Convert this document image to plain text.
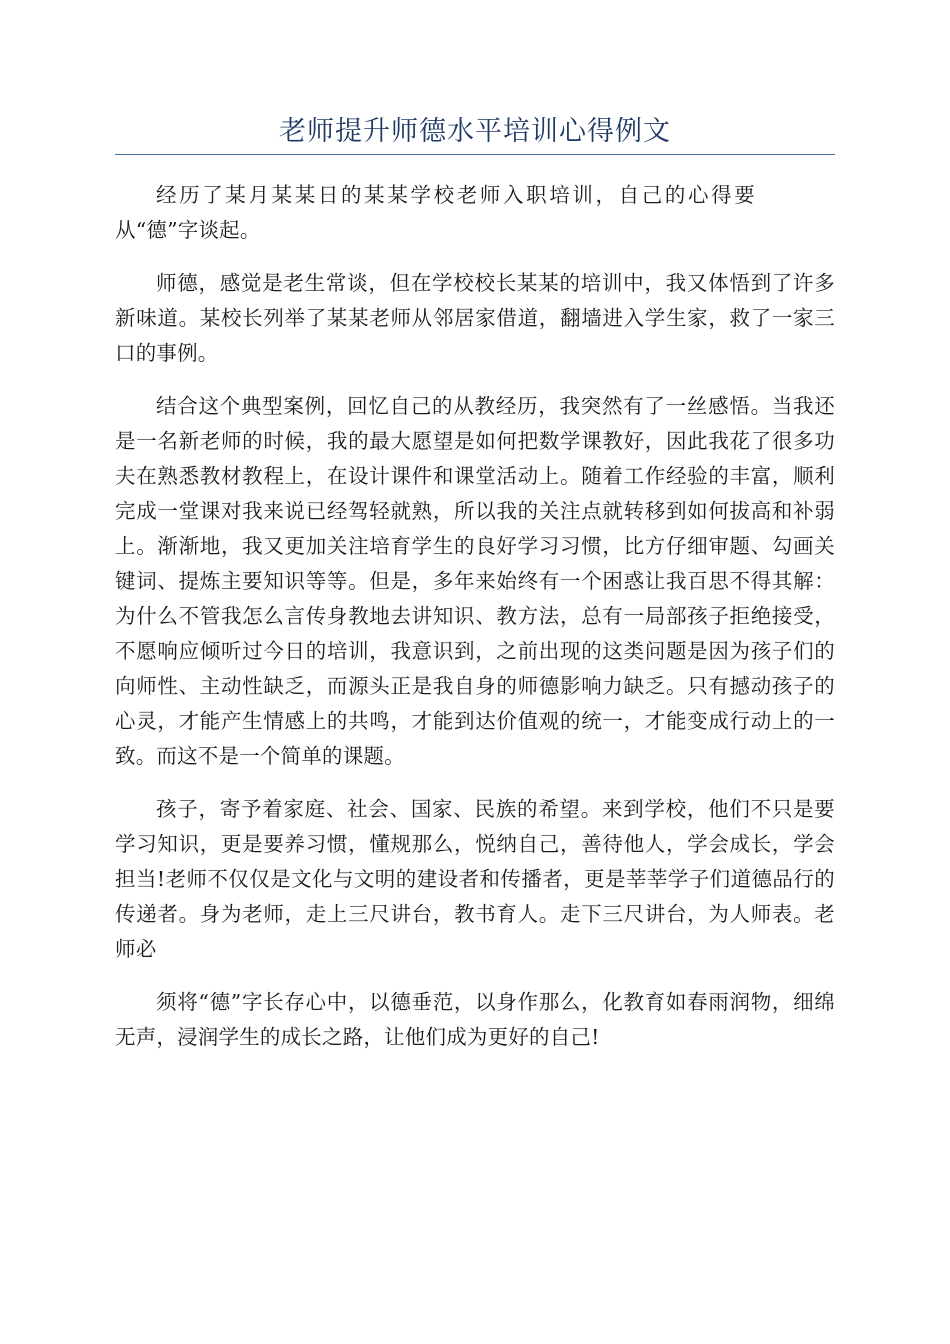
老师提升师德水平培训心得例文

经历了某月某某日的某某学校老师入职培训，自己的心得要从“德”字谈起。

师德，感觉是老生常谈，但在学校校长某某的培训中，我又体悟到了许多新味道。某校长列举了某某老师从邻居家借道，翻墙进入学生家，救了一家三口的事例。

结合这个典型案例，回忆自己的从教经历，我突然有了一丝感悟。当我还是一名新老师的时候，我的最大愿望是如何把数学课教好，因此我花了很多功夫在熟悉教材教程上，在设计课件和课堂活动上。随着工作经验的丰富，顺利完成一堂课对我来说已经驾轻就熟，所以我的关注点就转移到如何拔高和补弱上。渐渐地，我又更加关注培育学生的良好学习习惯，比方仔细审题、勾画关键词、提炼主要知识等等。但是，多年来始终有一个困惑让我百思不得其解：为什么不管我怎么言传身教地去讲知识、教方法，总有一局部孩子拒绝接受，不愿响应倾听过今日的培训，我意识到，之前出现的这类问题是因为孩子们的向师性、主动性缺乏，而源头正是我自身的师德影响力缺乏。只有撼动孩子的心灵，才能产生情感上的共鸣，才能到达价值观的统一，才能变成行动上的一致。而这不是一个简单的课题。

孩子，寄予着家庭、社会、国家、民族的希望。来到学校，他们不只是要学习知识，更是要养习惯，懂规那么，悦纳自己，善待他人，学会成长，学会担当!老师不仅仅是文化与文明的建设者和传播者，更是莘莘学子们道德品行的传递者。身为老师，走上三尺讲台，教书育人。走下三尺讲台，为人师表。老师必

须将“德”字长存心中，以德垂范，以身作那么，化教育如春雨润物，细绵无声，浸润学生的成长之路，让他们成为更好的自己!
